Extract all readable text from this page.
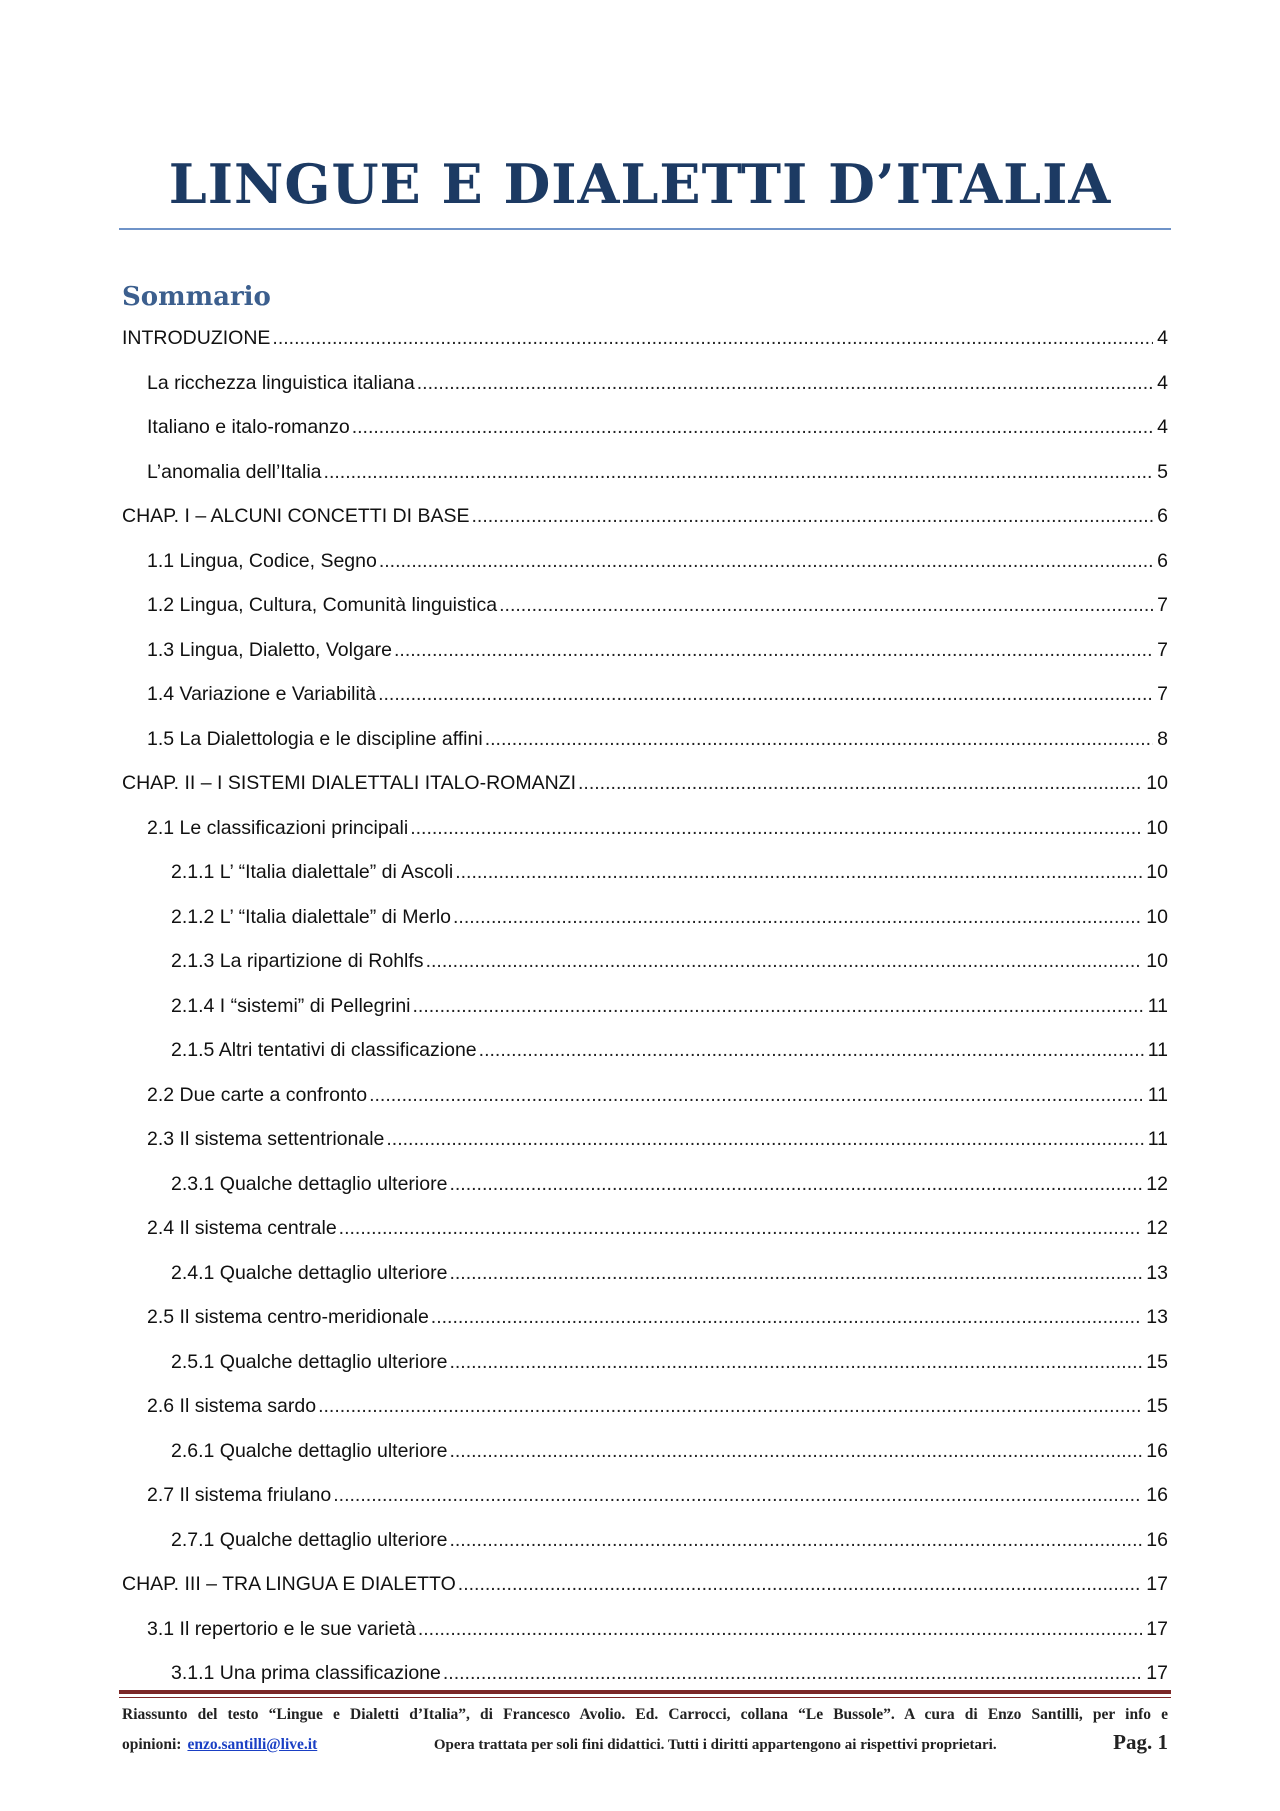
LINGUE E DIALETTI D’ITALIA
Sommario
INTRODUZIONE .....	4
La ricchezza linguistica italiana .....	4
Italiano e italo-romanzo .....	4
L’anomalia dell’Italia .....	5
CHAP. I – ALCUNI CONCETTI DI BASE .....	6
1.1 Lingua, Codice, Segno .....	6
1.2 Lingua, Cultura, Comunità linguistica .....	7
1.3 Lingua, Dialetto, Volgare .....	7
1.4 Variazione e Variabilità .....	7
1.5 La Dialettologia e le discipline affini .....	8
CHAP. II – I SISTEMI DIALETTALI ITALO-ROMANZI .....	10
2.1 Le classificazioni principali .....	10
2.1.1 L’ “Italia dialettale” di Ascoli .....	10
2.1.2 L’ “Italia dialettale” di Merlo .....	10
2.1.3 La ripartizione di Rohlfs .....	10
2.1.4 I “sistemi” di Pellegrini .....	11
2.1.5 Altri tentativi di classificazione .....	11
2.2 Due carte a confronto .....	11
2.3 Il sistema settentrionale .....	11
2.3.1 Qualche dettaglio ulteriore .....	12
2.4 Il sistema centrale .....	12
2.4.1 Qualche dettaglio ulteriore .....	13
2.5 Il sistema centro-meridionale .....	13
2.5.1 Qualche dettaglio ulteriore .....	15
2.6 Il sistema sardo .....	15
2.6.1 Qualche dettaglio ulteriore .....	16
2.7 Il sistema friulano .....	16
2.7.1 Qualche dettaglio ulteriore .....	16
CHAP. III – TRA LINGUA E DIALETTO .....	17
3.1 Il repertorio e le sue varietà .....	17
3.1.1 Una prima classificazione .....	17
Riassunto del testo “Lingue e Dialetti d’Italia”, di Francesco Avolio. Ed. Carrocci, collana “Le Bussole”. A cura di Enzo Santilli, per info e
opinioni: enzo.santilli@live.it	Opera trattata per soli fini didattici. Tutti i diritti appartengono ai rispettivi proprietari.	Pag. 1
